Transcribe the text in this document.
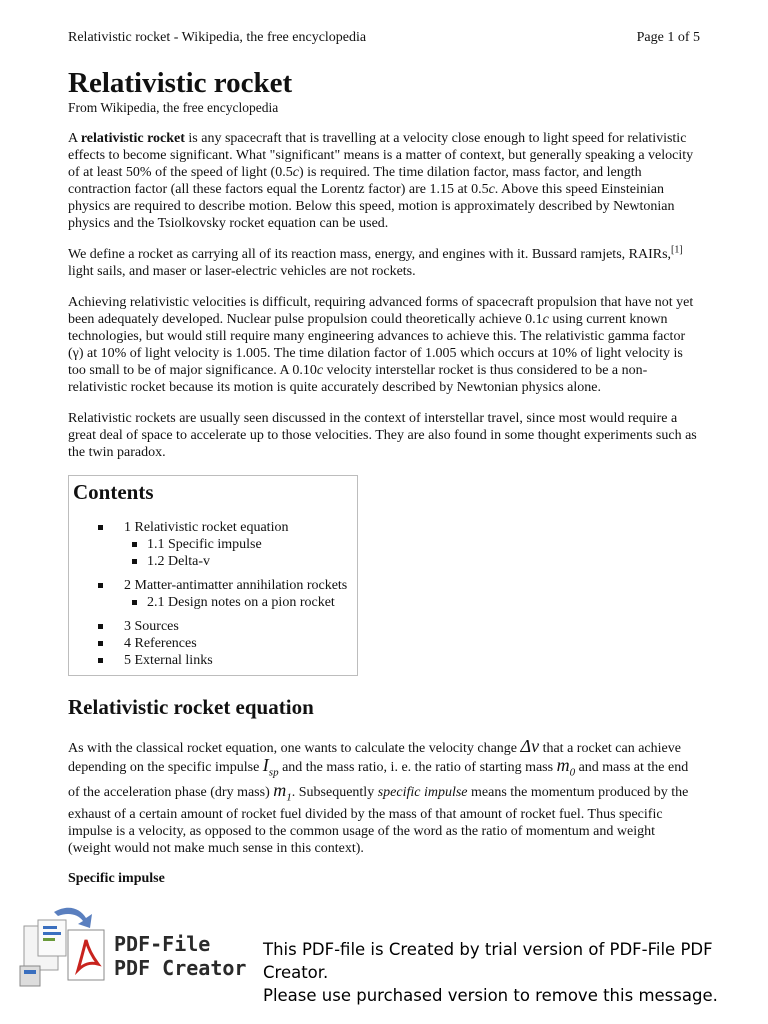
Relativistic rocket - Wikipedia, the free encyclopedia	Page 1 of 5
Relativistic rocket
From Wikipedia, the free encyclopedia

A relativistic rocket is any spacecraft that is travelling at a velocity close enough to light speed for relativistic effects to become significant. What "significant" means is a matter of context, but generally speaking a velocity of at least 50% of the speed of light (0.5c) is required. The time dilation factor, mass factor, and length contraction factor (all these factors equal the Lorentz factor) are 1.15 at 0.5c. Above this speed Einsteinian physics are required to describe motion. Below this speed, motion is approximately described by Newtonian physics and the Tsiolkovsky rocket equation can be used.

We define a rocket as carrying all of its reaction mass, energy, and engines with it. Bussard ramjets, RAIRs,[1] light sails, and maser or laser-electric vehicles are not rockets.

Achieving relativistic velocities is difficult, requiring advanced forms of spacecraft propulsion that have not yet been adequately developed. Nuclear pulse propulsion could theoretically achieve 0.1c using current known technologies, but would still require many engineering advances to achieve this. The relativistic gamma factor (γ) at 10% of light velocity is 1.005. The time dilation factor of 1.005 which occurs at 10% of light velocity is too small to be of major significance. A 0.10c velocity interstellar rocket is thus considered to be a non-relativistic rocket because its motion is quite accurately described by Newtonian physics alone.

Relativistic rockets are usually seen discussed in the context of interstellar travel, since most would require a great deal of space to accelerate up to those velocities. They are also found in some thought experiments such as the twin paradox.

Contents
1 Relativistic rocket equation
1.1 Specific impulse
1.2 Delta-v
2 Matter-antimatter annihilation rockets
2.1 Design notes on a pion rocket
3 Sources
4 References
5 External links
Relativistic rocket equation

As with the classical rocket equation, one wants to calculate the velocity change Δv that a rocket can achieve depending on the specific impulse $I_{sp}$ and the mass ratio, i. e. the ratio of starting mass $m_0$ and mass at the end of the acceleration phase (dry mass) $m_1$. Subsequently specific impulse means the momentum produced by the exhaust of a certain amount of rocket fuel divided by the mass of that amount of rocket fuel. Thus specific impulse is a velocity, as opposed to the common usage of the word as the ratio of momentum and weight (weight would not make much sense in this context).

Specific impulse
PDF-File
PDF Creator
This PDF-file is Created by trial version of PDF-File PDF Creator.
Please use purchased version to remove this message.
